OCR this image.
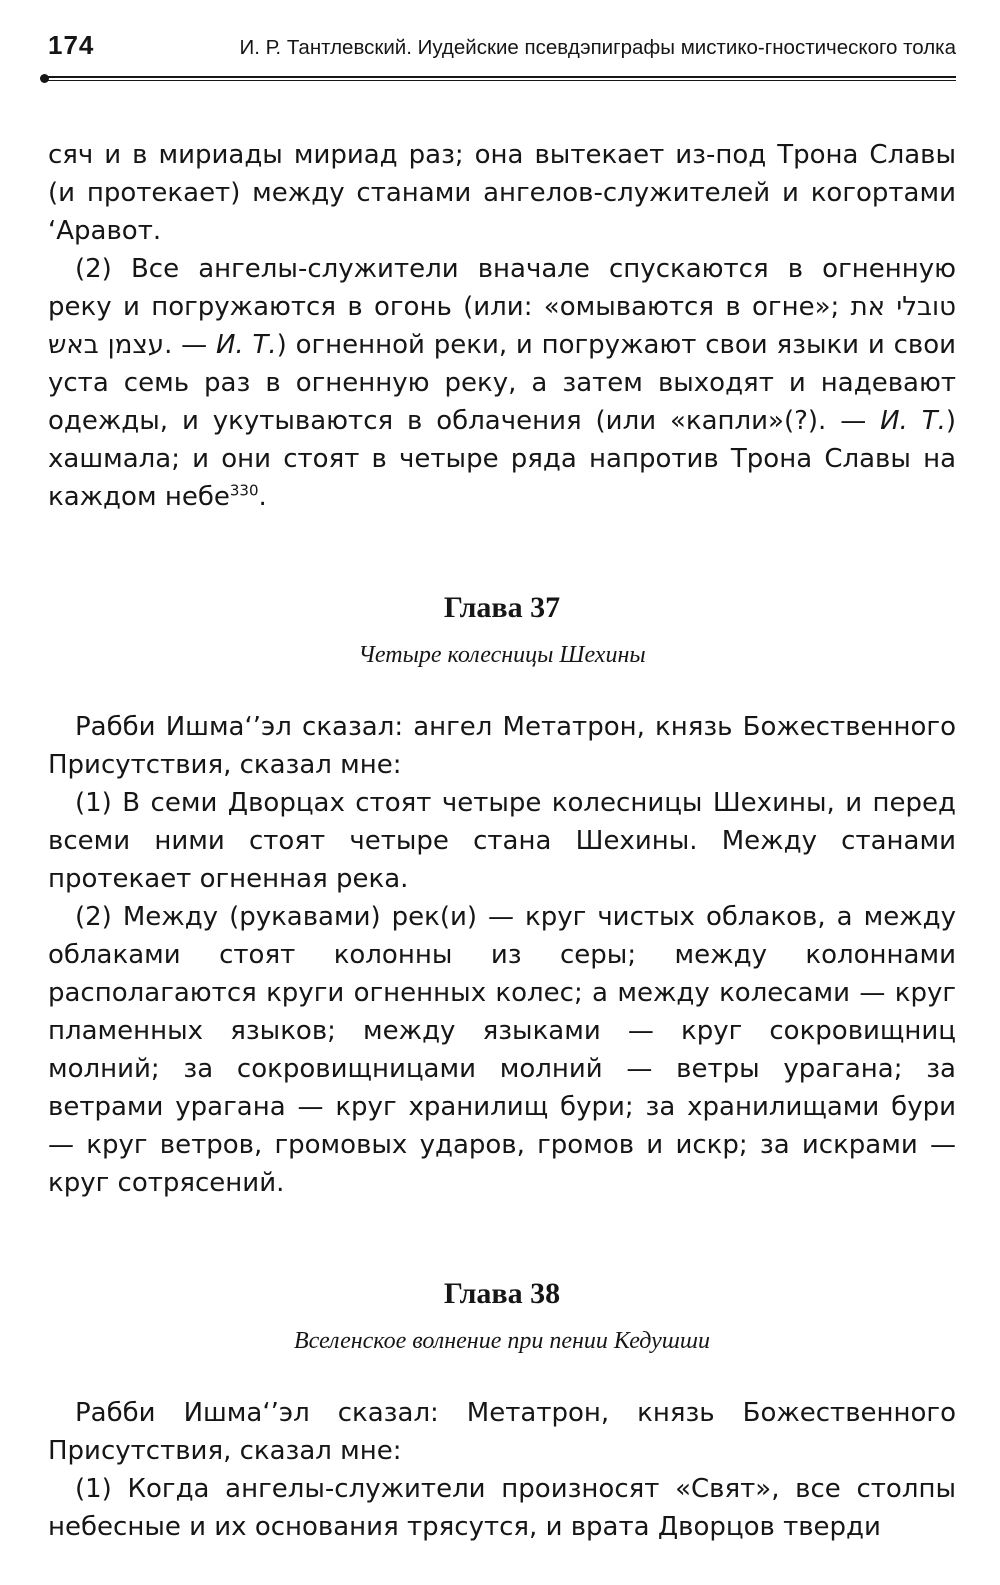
174	И. Р. Тантлевский. Иудейские псевдэпиграфы мистико-гностического толка

сяч и в мириады мириад раз; она вытекает из-под Трона Славы (и протекает) между станами ангелов-служителей и когортами ‘Аравот.

(2) Все ангелы-служители вначале спускаются в огненную реку и погружаются в огонь (или: «омываются в огне»; טובלי את עצמן באש. — И. Т.) огненной реки, и погружают свои языки и свои уста семь раз в огненную реку, а затем выходят и надевают одежды, и укутываются в облачения (или «капли»(?). — И. Т.) хашмала; и они стоят в четыре ряда напротив Трона Славы на каждом небе$^{330}$.

Глава 37
Четыре колесницы Шехины

Рабби Ишма‘’эл сказал: ангел Метатрон, князь Божественного Присутствия, сказал мне:

(1) В семи Дворцах стоят четыре колесницы Шехины, и перед всеми ними стоят четыре стана Шехины. Между станами протекает огненная река.

(2) Между (рукавами) рек(и) — круг чистых облаков, а между облаками стоят колонны из серы; между колоннами располагаются круги огненных колес; а между колесами — круг пламенных языков; между языками — круг сокровищниц молний; за сокровищницами молний — ветры урагана; за ветрами урагана — круг хранилищ бури; за хранилищами бури — круг ветров, громовых ударов, громов и искр; за искрами — круг сотрясений.

Глава 38
Вселенское волнение при пении Кедушши

Рабби Ишма‘’эл сказал: Метатрон, князь Божественного Присутствия, сказал мне:

(1) Когда ангелы-служители произносят «Свят», все столпы небесные и их основания трясутся, и врата Дворцов тверди
